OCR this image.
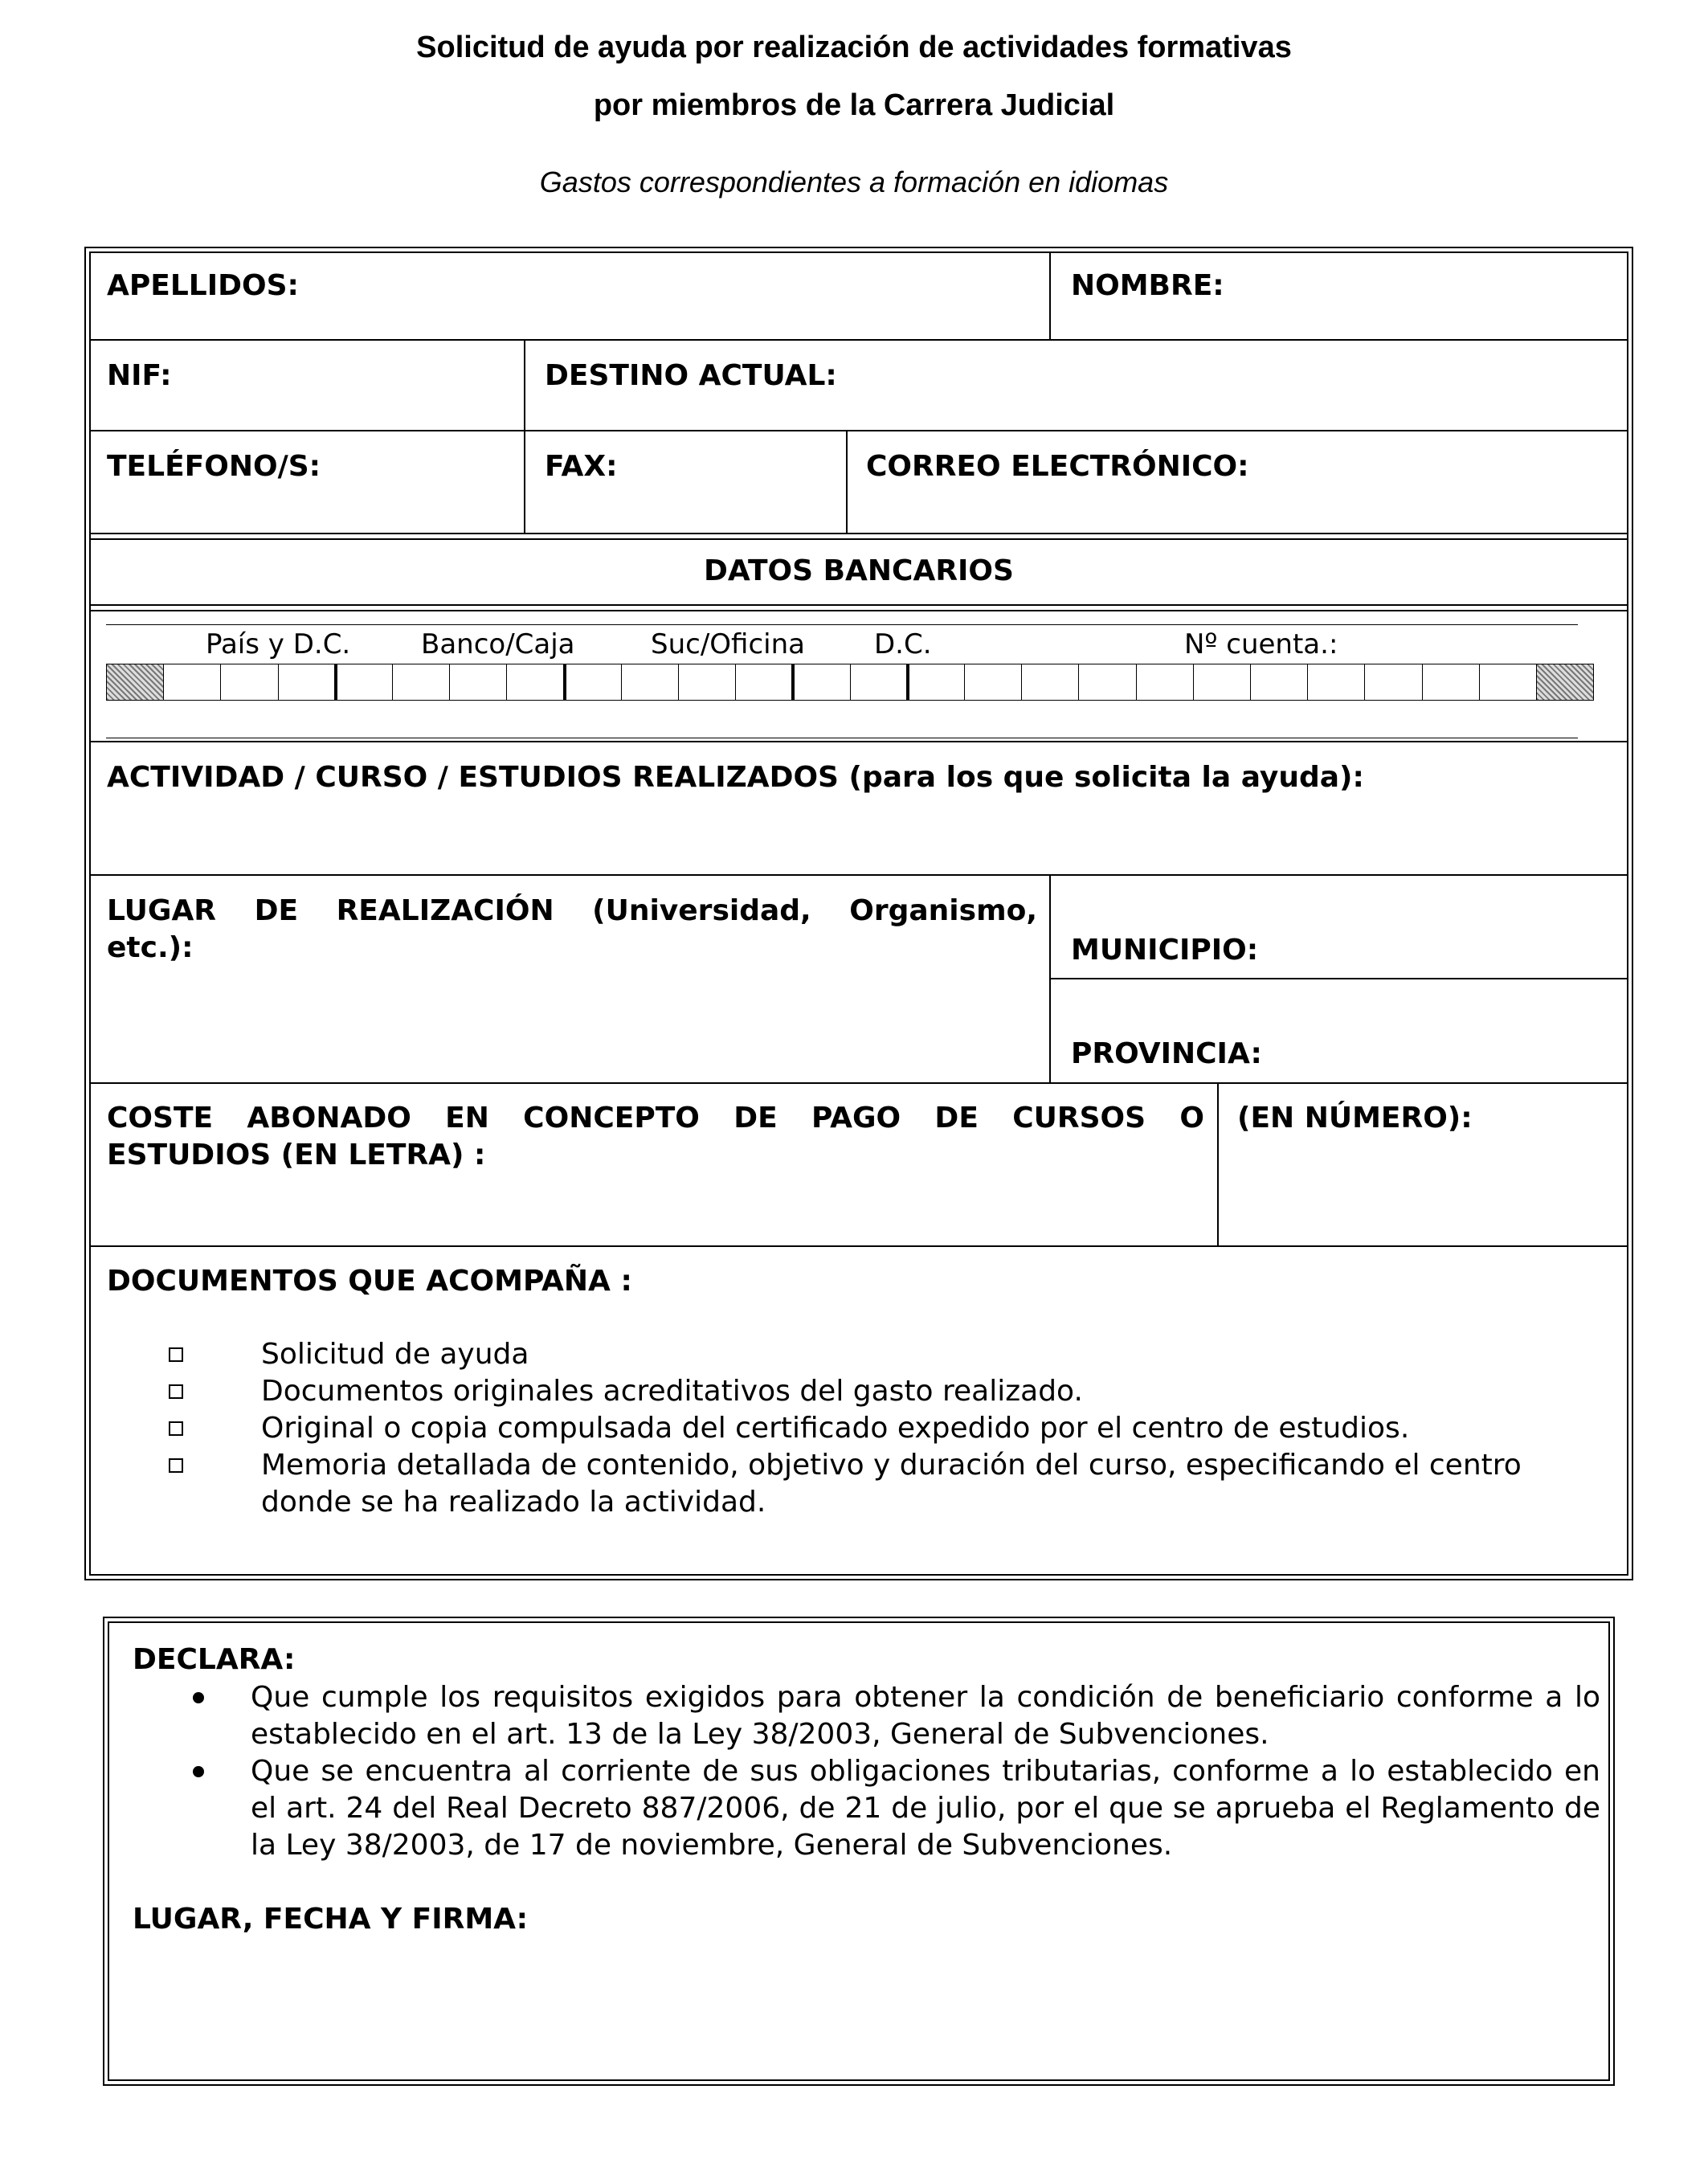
Solicitud de ayuda por realización de actividades formativas
por miembros de la Carrera Judicial
Gastos correspondientes a formación en idiomas
APELLIDOS:	NOMBRE:
NIF:	DESTINO ACTUAL:
TELÉFONO/S:	FAX:	CORREO ELECTRÓNICO:
DATOS BANCARIOS
País y D.C.	Banco/Caja	Suc/Oficina	D.C.	Nº cuenta.:
ACTIVIDAD / CURSO / ESTUDIOS REALIZADOS (para los que solicita la ayuda):
LUGAR DE REALIZACIÓN (Universidad, Organismo,
etc.):	MUNICIPIO:
PROVINCIA:
COSTE ABONADO EN CONCEPTO DE PAGO DE CURSOS O
ESTUDIOS (EN LETRA) :
(EN NÚMERO):
DOCUMENTOS QUE ACOMPAÑA :
Solicitud de ayuda
Documentos originales acreditativos del gasto realizado.
Original o copia compulsada del certificado expedido por el centro de estudios.
Memoria detallada de contenido, objetivo y duración del curso, especificando el centro
donde se ha realizado la actividad.
DECLARA:
Que cumple los requisitos exigidos para obtener la condición de beneficiario conforme a lo establecido en el art. 13 de la Ley 38/2003, General de Subvenciones.
Que se encuentra al corriente de sus obligaciones tributarias, conforme a lo establecido en el art. 24 del Real Decreto 887/2006, de 21 de julio, por el que se aprueba el Reglamento de la Ley 38/2003, de 17 de noviembre, General de Subvenciones.
LUGAR, FECHA Y FIRMA:
